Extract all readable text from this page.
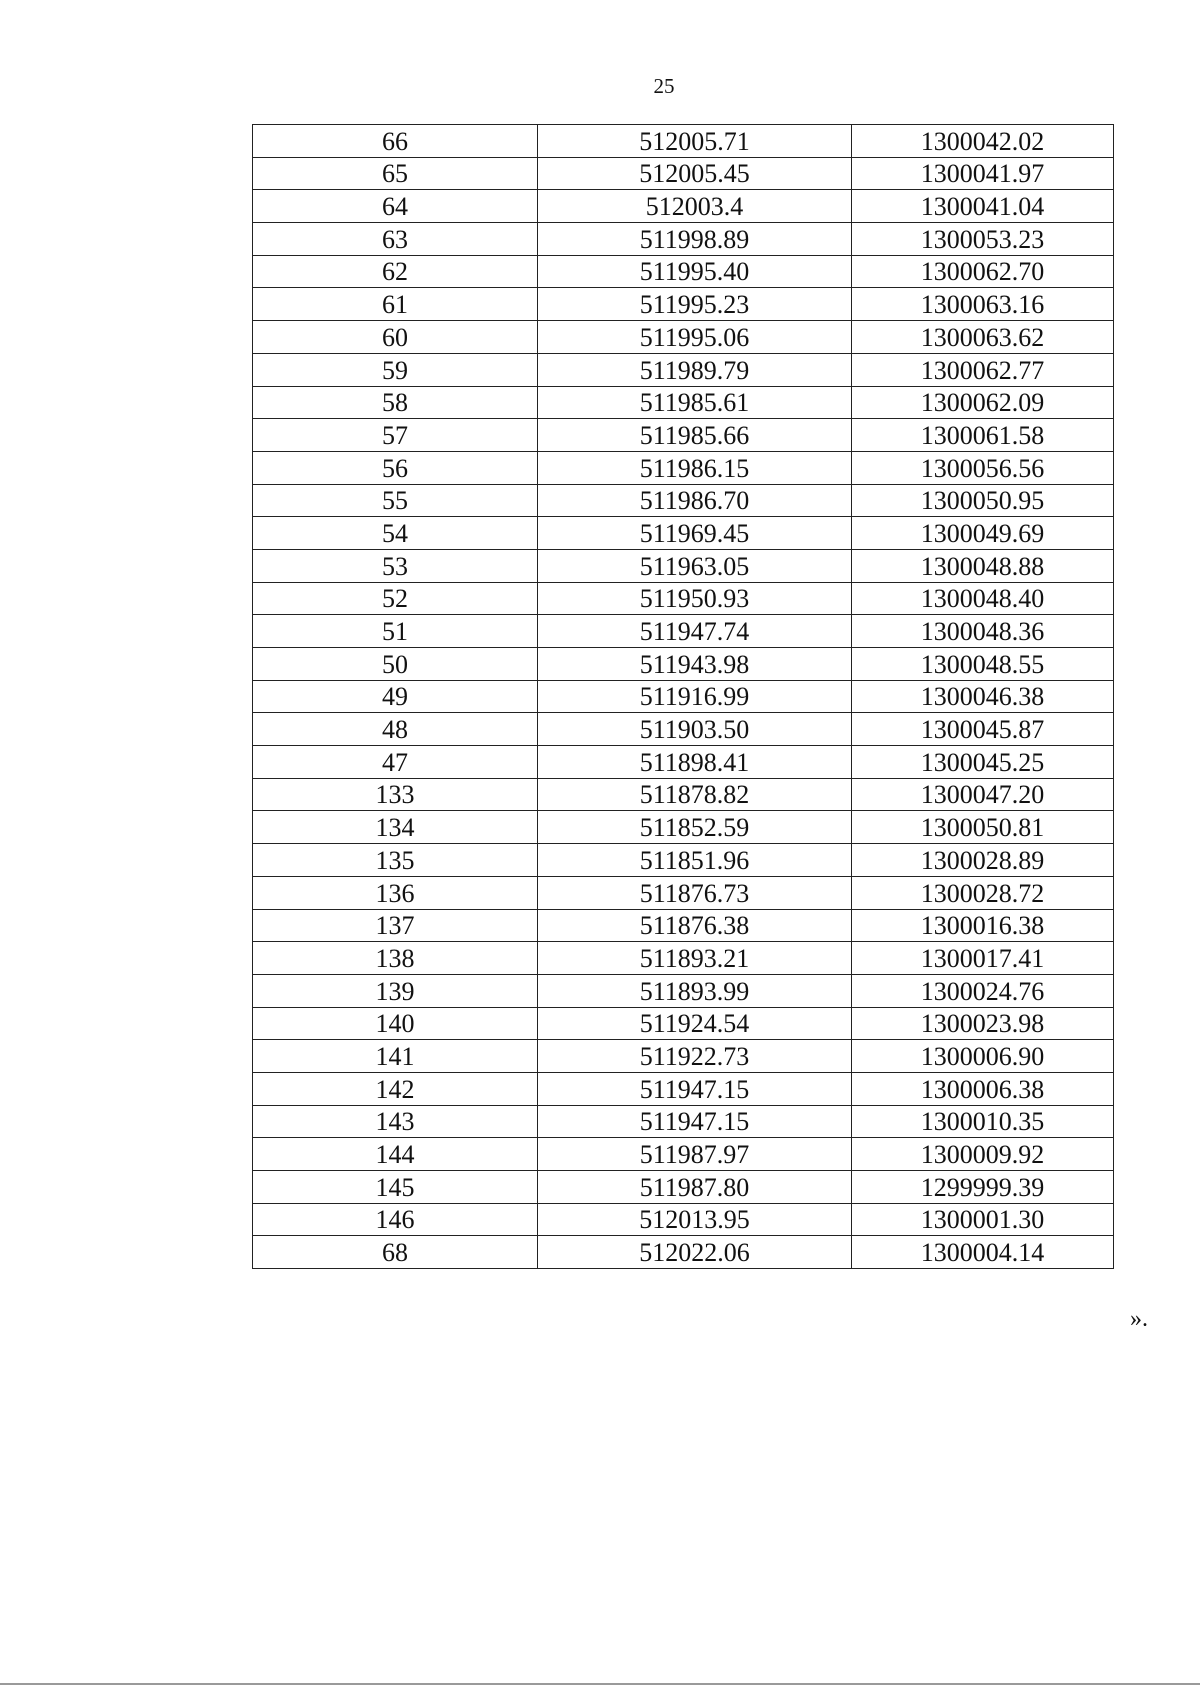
25
66	512005.71	1300042.02
65	512005.45	1300041.97
64	512003.4	1300041.04
63	511998.89	1300053.23
62	511995.40	1300062.70
61	511995.23	1300063.16
60	511995.06	1300063.62
59	511989.79	1300062.77
58	511985.61	1300062.09
57	511985.66	1300061.58
56	511986.15	1300056.56
55	511986.70	1300050.95
54	511969.45	1300049.69
53	511963.05	1300048.88
52	511950.93	1300048.40
51	511947.74	1300048.36
50	511943.98	1300048.55
49	511916.99	1300046.38
48	511903.50	1300045.87
47	511898.41	1300045.25
133	511878.82	1300047.20
134	511852.59	1300050.81
135	511851.96	1300028.89
136	511876.73	1300028.72
137	511876.38	1300016.38
138	511893.21	1300017.41
139	511893.99	1300024.76
140	511924.54	1300023.98
141	511922.73	1300006.90
142	511947.15	1300006.38
143	511947.15	1300010.35
144	511987.97	1300009.92
145	511987.80	1299999.39
146	512013.95	1300001.30
68	512022.06	1300004.14
».
